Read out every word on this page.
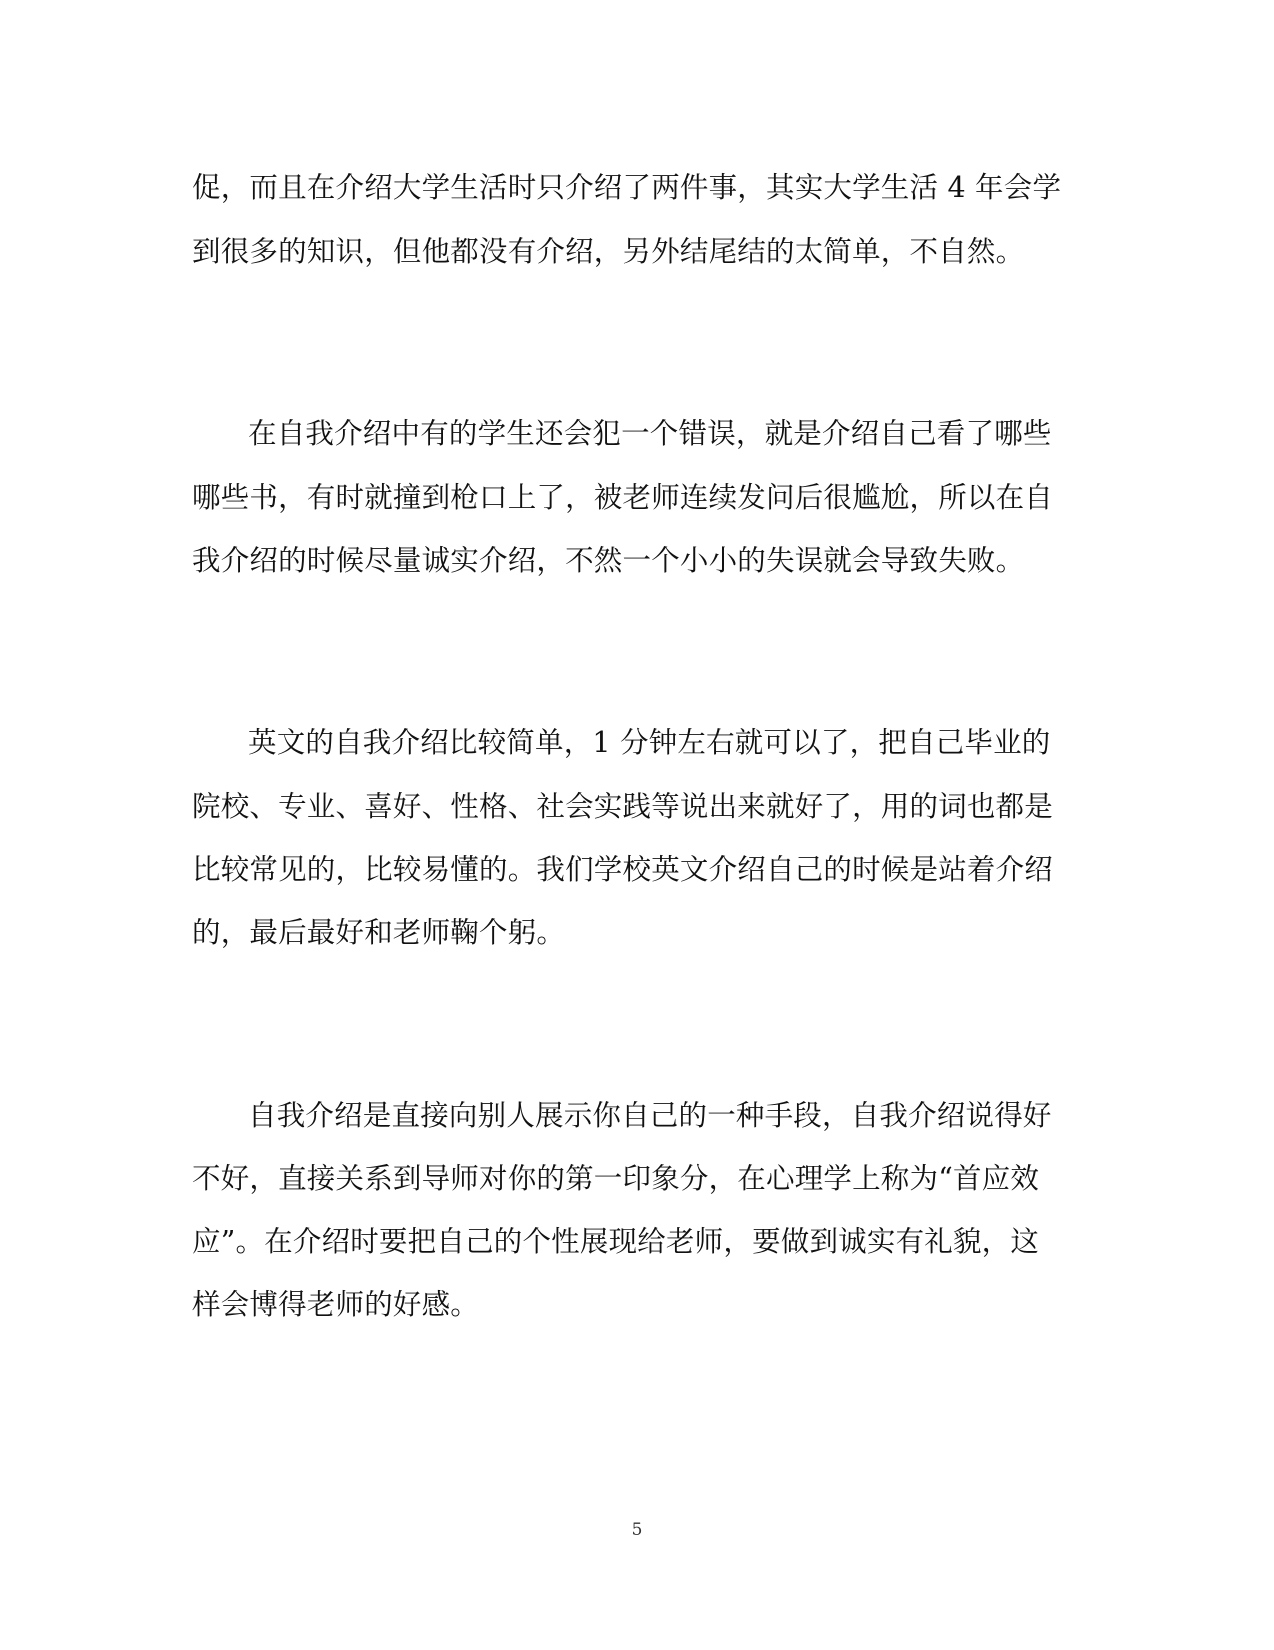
促，而且在介绍大学生活时只介绍了两件事，其实大学生活 4 年会学
到很多的知识，但他都没有介绍，另外结尾结的太简单，不自然。
在自我介绍中有的学生还会犯一个错误，就是介绍自己看了哪些
哪些书，有时就撞到枪口上了，被老师连续发问后很尴尬，所以在自
我介绍的时候尽量诚实介绍，不然一个小小的失误就会导致失败。
英文的自我介绍比较简单，1 分钟左右就可以了，把自己毕业的
院校、专业、喜好、性格、社会实践等说出来就好了，用的词也都是
比较常见的，比较易懂的。我们学校英文介绍自己的时候是站着介绍
的，最后最好和老师鞠个躬。
自我介绍是直接向别人展示你自己的一种手段，自我介绍说得好
不好，直接关系到导师对你的第一印象分，在心理学上称为“首应效
应”。在介绍时要把自己的个性展现给老师，要做到诚实有礼貌，这
样会博得老师的好感。
5
